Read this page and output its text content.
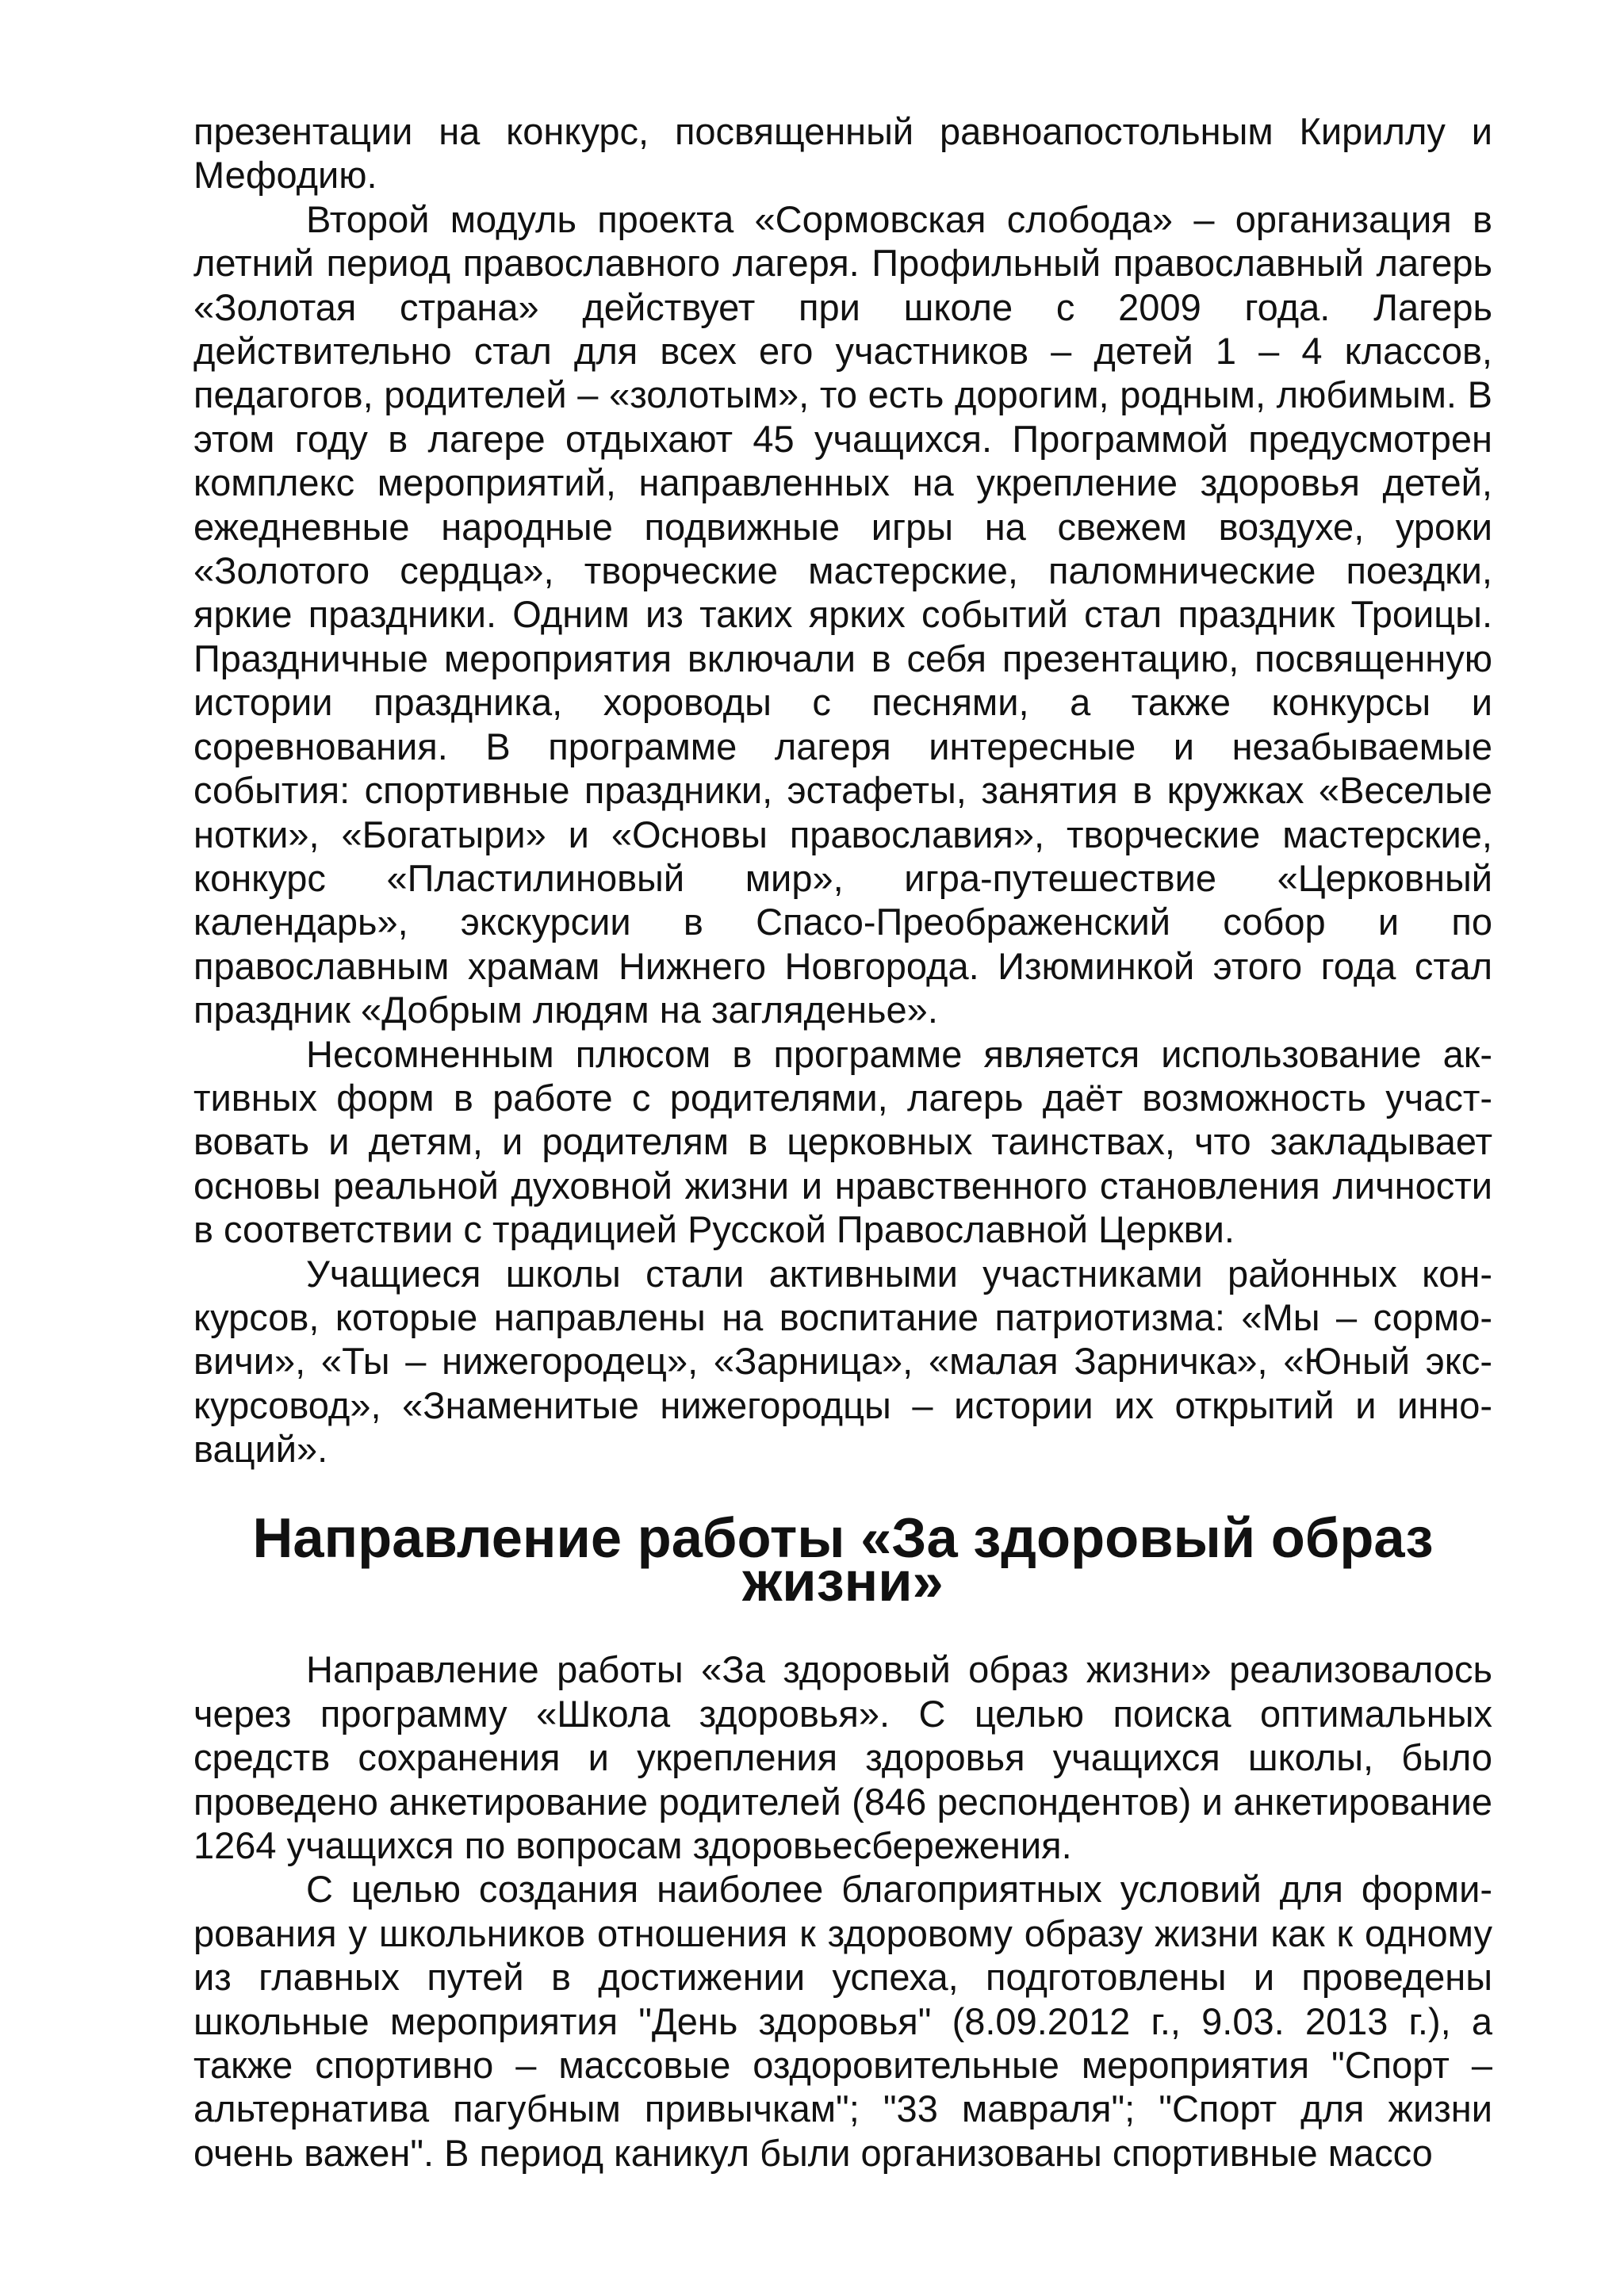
презентации на конкурс, посвященный равноапостольным Кириллу и Мефодию.

Второй модуль проекта «Сормовская слобода» – организация в летний период православного лагеря. Профильный православный лагерь «Золотая страна» действует при школе с 2009 года. Лагерь действительно стал для всех его участников – детей 1 – 4 классов, педагогов, родителей – «золотым», то есть дорогим, родным, любимым. В этом году в лагере отдыхают 45 учащихся. Программой предусмотрен комплекс мероприятий, направленных на укрепление здоровья детей, ежедневные народные подвижные игры на свежем воздухе, уроки «Золотого сердца», творческие мастерские, паломнические поездки, яркие праздники. Одним из таких ярких событий стал праздник Троицы. Праздничные мероприятия включали в себя презентацию, посвященную истории праздника, хороводы с песнями, а также конкурсы и соревнования. В программе лагеря интересные и незабываемые события: спортивные праздники, эстафеты, занятия в кружках «Веселые нотки», «Богатыри» и «Основы православия», творческие мастерские, конкурс «Пластилиновый мир», игра-путешествие «Церковный календарь», экскурсии в Спасо-Преображенский собор и по православным храмам Нижнего Новгорода. Изюминкой этого года стал праздник «Добрым людям на загляденье».

Несомненным плюсом в программе является использование активных форм в работе с родителями, лагерь даёт возможность участвовать и детям, и родителям в церковных таинствах, что закладывает основы реальной духовной жизни и нравственного становления личности в соответствии с традицией Русской Православной Церкви.

Учащиеся школы стали активными участниками районных конкурсов, которые направлены на воспитание патриотизма: «Мы – сормовичи», «Ты – нижегородец», «Зарница», «малая Зарничка», «Юный экскурсовод», «Знаменитые нижегородцы – истории их открытий и инноваций».

Направление работы «За здоровый образ жизни»

Направление работы «За здоровый образ жизни» реализовалось через программу «Школа здоровья». С целью поиска оптимальных средств сохранения и укрепления здоровья учащихся школы, было проведено анкетирование родителей (846 респондентов) и анкетирование 1264 учащихся по вопросам здоровьесбережения.

С целью создания наиболее благоприятных условий для формирования у школьников отношения к здоровому образу жизни как к одному из главных путей в достижении успеха, подготовлены и проведены школьные мероприятия "День здоровья" (8.09.2012 г., 9.03. 2013 г.), а также спортивно – массовые оздоровительные мероприятия "Спорт – альтернатива пагубным привычкам"; "33 мавраля"; "Спорт для жизни очень важен". В период каникул были организованы спортивные массо
